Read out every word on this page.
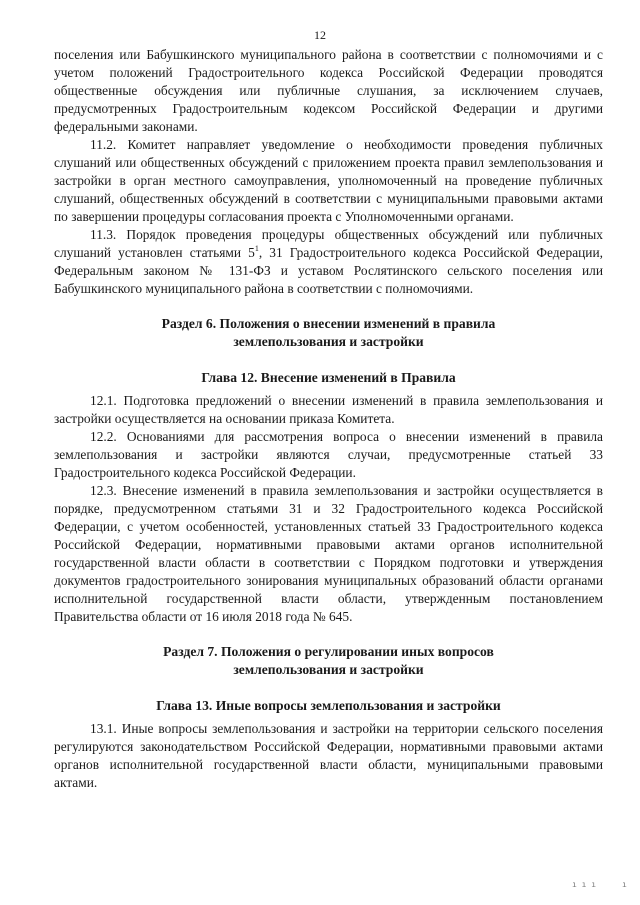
12

поселения или Бабушкинского муниципального района в соответствии с полномочиями и с учетом положений Градостроительного кодекса Российской Федерации проводятся общественные обсуждения или публичные слушания, за исключением случаев, предусмотренных Градостроительным кодексом Российской Федерации и другими федеральными законами.

11.2. Комитет направляет уведомление о необходимости проведения публичных слушаний или общественных обсуждений с приложением проекта правил землепользования и застройки в орган местного самоуправления, уполномоченный на проведение публичных слушаний, общественных обсуждений в соответствии с муниципальными правовыми актами по завершении процедуры согласования проекта с Уполномоченными органами.

11.3. Порядок проведения процедуры общественных обсуждений или публичных слушаний установлен статьями $5^1$, 31 Градостроительного кодекса Российской Федерации, Федеральным законом № 131-ФЗ и уставом Рослятинского сельского поселения или Бабушкинского муниципального района в соответствии с полномочиями.

Раздел 6. Положения о внесении изменений в правила
землепользования и застройки
Глава 12. Внесение изменений в Правила

12.1. Подготовка предложений о внесении изменений в правила землепользования и застройки осуществляется на основании приказа Комитета.

12.2. Основаниями для рассмотрения вопроса о внесении изменений в правила землепользования и застройки являются случаи, предусмотренные статьей 33 Градостроительного кодекса Российской Федерации.

12.3. Внесение изменений в правила землепользования и застройки осуществляется в порядке, предусмотренном статьями 31 и 32 Градостроительного кодекса Российской Федерации, с учетом особенностей, установленных статьей 33 Градостроительного кодекса Российской Федерации, нормативными правовыми актами органов исполнительной государственной власти области в соответствии с Порядком подготовки и утверждения документов градостроительного зонирования муниципальных образований области органами исполнительной государственной власти области, утвержденным постановлением Правительства области от 16 июля 2018 года № 645.

Раздел 7. Положения о регулировании иных вопросов
землепользования и застройки
Глава 13. Иные вопросы землепользования и застройки

13.1. Иные вопросы землепользования и застройки на территории сельского поселения регулируются законодательством Российской Федерации, нормативными правовыми актами органов исполнительной государственной власти области, муниципальными правовыми актами.

ı ı ı	ı
